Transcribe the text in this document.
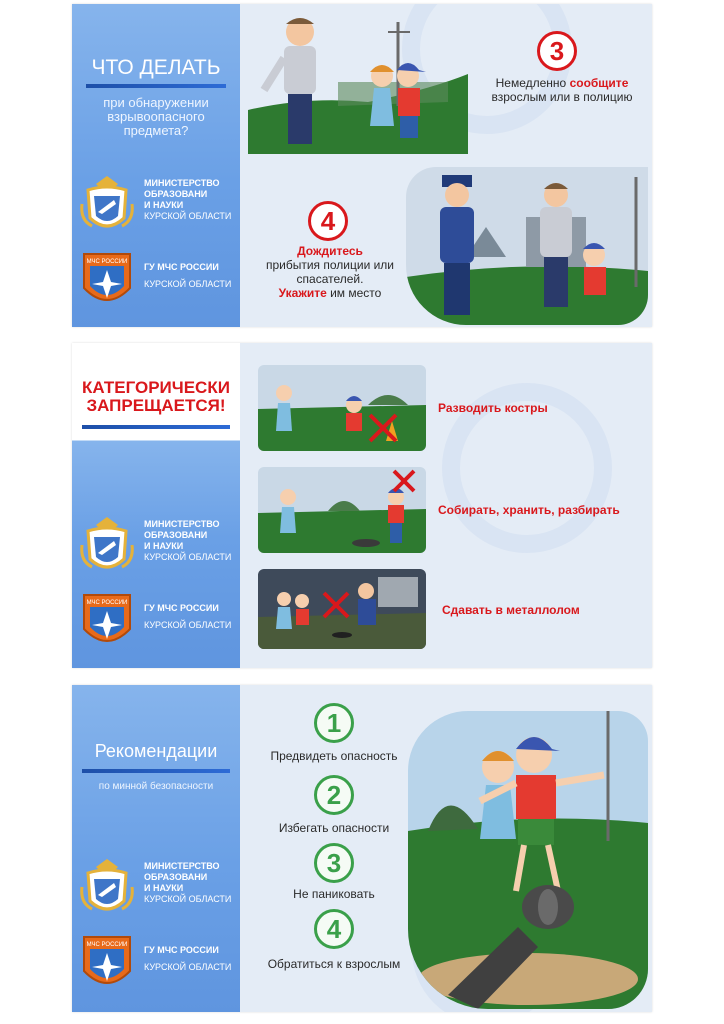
ЧТО ДЕЛАТЬ
при обнаружении
взрывоопасного
предмета?
МИНИСТЕРСТВО
ОБРАЗОВАНИ
И НАУКИ
КУРСКОЙ ОБЛАСТИ
МЧС РОССИИ ГУ МЧС РОССИИ
КУРСКОЙ ОБЛАСТИ
3
Немедленно сообщите
взрослым или в полицию
4
Дождитесь
прибытия полиции или
спасателей.
Укажите им место
КАТЕГОРИЧЕСКИ
ЗАПРЕЩАЕТСЯ!
МИНИСТЕРСТВО
ОБРАЗОВАНИ
И НАУКИ
КУРСКОЙ ОБЛАСТИ
МЧС РОССИИ ГУ МЧС РОССИИ
КУРСКОЙ ОБЛАСТИ
Разводить костры
Собирать, хранить, разбирать
Сдавать в металлолом
Рекомендации
по минной безопасности
МИНИСТЕРСТВО
ОБРАЗОВАНИ
И НАУКИ
КУРСКОЙ ОБЛАСТИ
МЧС РОССИИ ГУ МЧС РОССИИ
КУРСКОЙ ОБЛАСТИ
1
Предвидеть опасность
2
Избегать опасности
3
Не паниковать
4
Обратиться к взрослым
